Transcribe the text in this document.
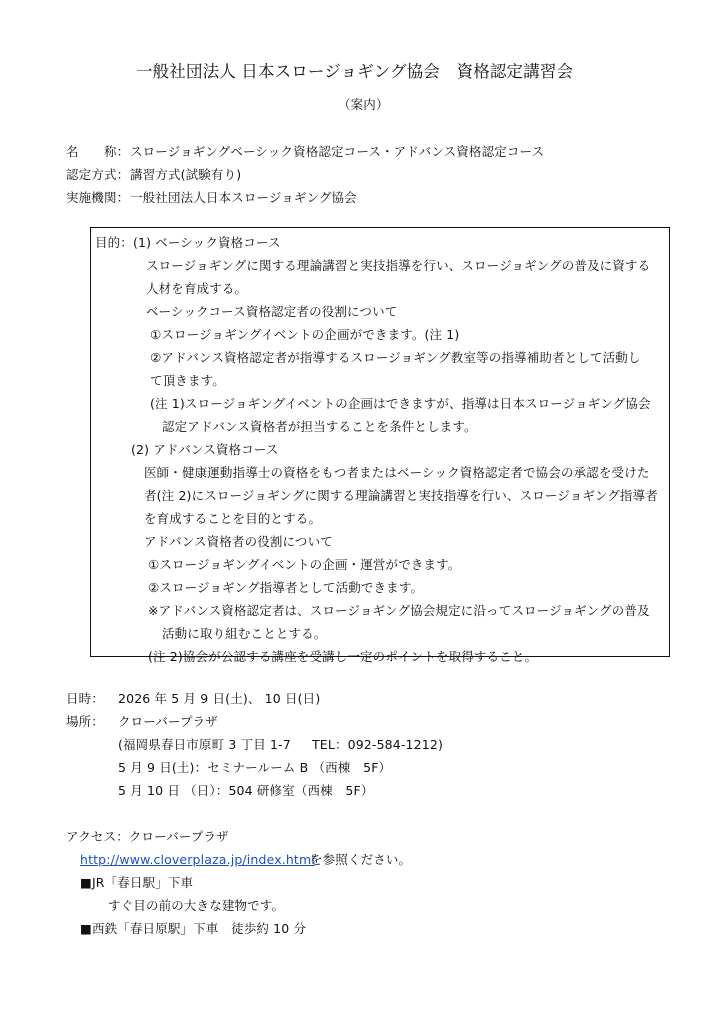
一般社団法人 日本スロージョギング協会　資格認定講習会
（案内）
名　　称： スロージョギングベーシック資格認定コース・アドバンス資格認定コース
認定方式： 講習方式(試験有り)
実施機関： 一般社団法人日本スロージョギング協会
目的：(1) ベーシック資格コース
スロージョギングに関する理論講習と実技指導を行い、スロージョギングの普及に資する
人材を育成する。
ベーシックコース資格認定者の役割について
①スロージョギングイベントの企画ができます。(注 1)
②アドバンス資格認定者が指導するスロージョギング教室等の指導補助者として活動し
て頂きます。
(注 1)スロージョギングイベントの企画はできますが、指導は日本スロージョギング協会
認定アドバンス資格者が担当することを条件とします。
(2) アドバンス資格コース
医師・健康運動指導士の資格をもつ者またはベーシック資格認定者で協会の承認を受けた
者(注 2)にスロージョギングに関する理論講習と実技指導を行い、スロージョギング指導者
を育成することを目的とする。
アドバンス資格者の役割について
①スロージョギングイベントの企画・運営ができます。
②スロージョギング指導者として活動できます。
※アドバンス資格認定者は、スロージョギング協会規定に沿ってスロージョギングの普及
活動に取り組むこととする。
(注 2)協会が公認する講座を受講し一定のポイントを取得すること。
日時： 2026 年 5 月 9 日(土)、 10 日(日)
場所： クローバープラザ
(福岡県春日市原町 3 丁目 1-7 TEL：092-584-1212)
5 月 9 日(土)：セミナールーム B （西棟　5F）
5 月 10 日 （日）：504 研修室（西棟　5F）
アクセス：クローバープラザ
http://www.cloverplaza.jp/index.html
を参照ください。
■JR「春日駅」下車
すぐ目の前の大きな建物です。
■西鉄「春日原駅」下車　徒歩約 10 分
